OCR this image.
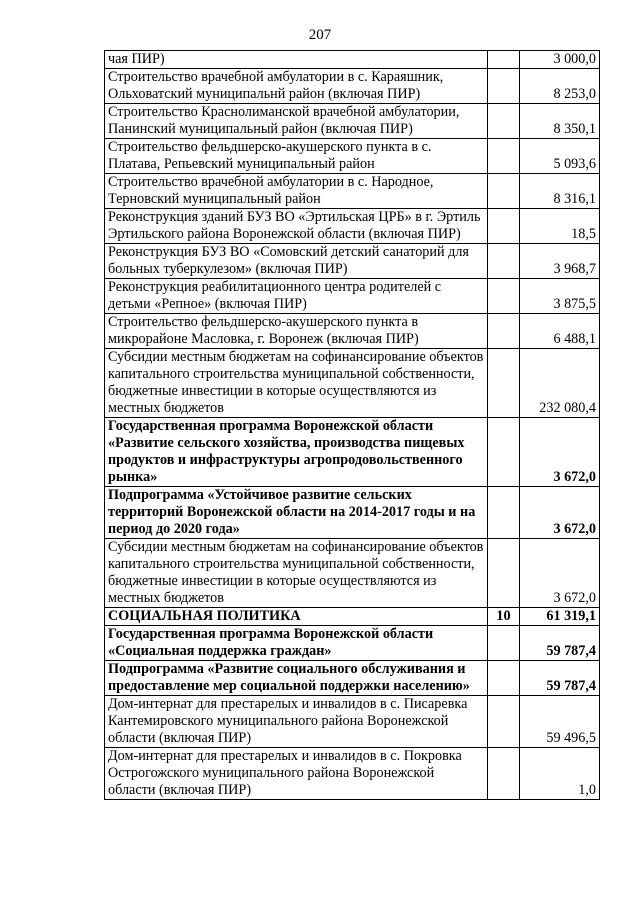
207
чая ПИР)		3 000,0
Строительство врачебной амбулатории в с. Караяшник, Ольховатский муниципальнй район (включая ПИР)		8 253,0
Строительство Краснолиманской врачебной амбулатории, Панинский муниципальный район (включая ПИР)		8 350,1
Строительство фельдшерско-акушерского пункта в с. Платава, Репьевский муниципальный район		5 093,6
Строительство врачебной амбулатории в с. Народное, Терновский муниципальный район		8 316,1
Реконструкция зданий БУЗ ВО «Эртильская ЦРБ» в г. Эртиль Эртильского района Воронежской области (включая ПИР)		18,5
Реконструкция БУЗ ВО «Сомовский детский санаторий для больных туберкулезом» (включая ПИР)		3 968,7
Реконструкция реабилитационного центра родителей с детьми «Репное» (включая ПИР)		3 875,5
Строительство фельдшерско-акушерского пункта в микрорайоне Масловка, г. Воронеж (включая ПИР)		6 488,1
Субсидии местным бюджетам на софинансирование объектов капитального строительства муниципальной собственности, бюджетные инвестиции в которые осуществляются из местных бюджетов		232 080,4
Государственная программа Воронежской области «Развитие сельского хозяйства, производства пищевых продуктов и инфраструктуры агропродовольственного рынка»		3 672,0
Подпрограмма «Устойчивое развитие сельских территорий Воронежской области на 2014-2017 годы и на период до 2020 года»		3 672,0
Субсидии местным бюджетам на софинансирование объектов капитального строительства муниципальной собственности, бюджетные инвестиции в которые осуществляются из местных бюджетов		3 672,0
СОЦИАЛЬНАЯ ПОЛИТИКА	10	61 319,1
Государственная программа Воронежской области «Социальная поддержка граждан»		59 787,4
Подпрограмма «Развитие социального обслуживания и предоставление мер социальной поддержки населению»		59 787,4
Дом-интернат для престарелых и инвалидов в с. Писаревка Кантемировского муниципального района Воронежской области (включая ПИР)		59 496,5
Дом-интернат для престарелых и инвалидов в с. Покровка Острогожского муниципального района Воронежской области (включая ПИР)		1,0
